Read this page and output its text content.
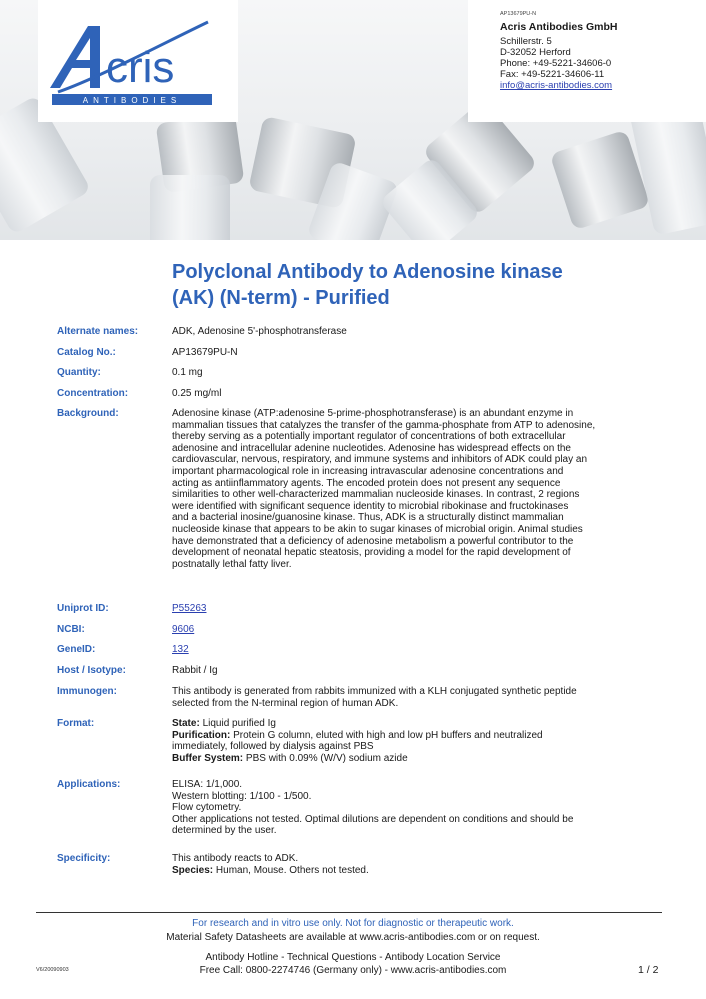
cris
ANTIBODIES
AP13679PU-N
Acris Antibodies GmbH
Schillerstr. 5
D-32052 Herford
Phone: +49-5221-34606-0
Fax: +49-5221-34606-11
info@acris-antibodies.com
Polyclonal Antibody to Adenosine kinase
(AK) (N-term) - Purified
Alternate names:	ADK, Adenosine 5'-phosphotransferase
Catalog No.:	AP13679PU-N
Quantity:	0.1 mg
Concentration:	0.25 mg/ml
Background:	Adenosine kinase (ATP:adenosine 5-prime-phosphotransferase) is an abundant enzyme in
mammalian tissues that catalyzes the transfer of the gamma-phosphate from ATP to adenosine,
thereby serving as a potentially important regulator of concentrations of both extracellular
adenosine and intracellular adenine nucleotides. Adenosine has widespread effects on the
cardiovascular, nervous, respiratory, and immune systems and inhibitors of ADK could play an
important pharmacological role in increasing intravascular adenosine concentrations and
acting as antiinflammatory agents. The encoded protein does not present any sequence
similarities to other well-characterized mammalian nucleoside kinases. In contrast, 2 regions
were identified with significant sequence identity to microbial ribokinase and fructokinases
and a bacterial inosine/guanosine kinase. Thus, ADK is a structurally distinct mammalian
nucleoside kinase that appears to be akin to sugar kinases of microbial origin. Animal studies
have demonstrated that a deficiency of adenosine metabolism a powerful contributor to the
development of neonatal hepatic steatosis, providing a model for the rapid development of
postnatally lethal fatty liver.
Uniprot ID:	P55263
NCBI:	9606
GeneID:	132
Host / Isotype:	Rabbit / Ig
Immunogen:	This antibody is generated from rabbits immunized with a KLH conjugated synthetic peptide
selected from the N-terminal region of human ADK.
Format:	State: Liquid purified Ig
Purification: Protein G column, eluted with high and low pH buffers and neutralized
immediately, followed by dialysis against PBS
Buffer System: PBS with 0.09% (W/V) sodium azide
Applications:	ELISA: 1/1,000.
Western blotting: 1/100 - 1/500.
Flow cytometry.
Other applications not tested. Optimal dilutions are dependent on conditions and should be
determined by the user.
Specificity:	This antibody reacts to ADK.
Species: Human, Mouse. Others not tested.
For research and in vitro use only. Not for diagnostic or therapeutic work.
Material Safety Datasheets are available at www.acris-antibodies.com or on request.
Antibody Hotline - Technical Questions - Antibody Location Service
Free Call: 0800-2274746 (Germany only) - www.acris-antibodies.com
V6/20090903	1 / 2
